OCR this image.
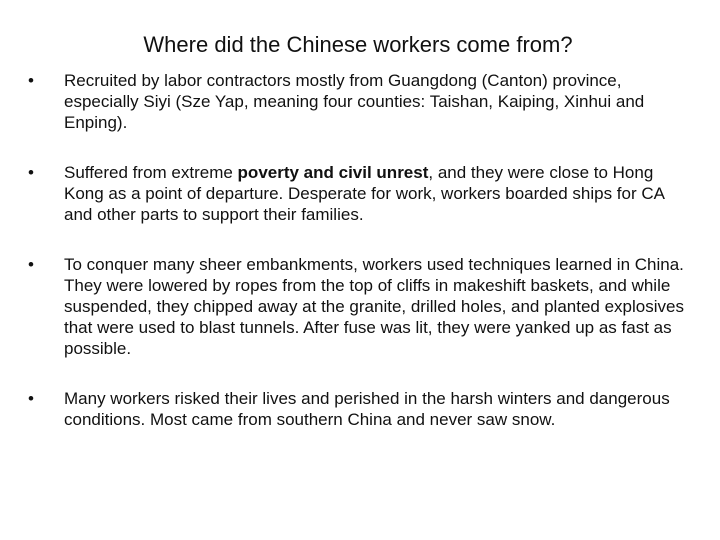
Where did the Chinese workers come from?
•	Recruited by labor contractors mostly from Guangdong (Canton) province, especially Siyi (Sze Yap, meaning four counties: Taishan, Kaiping, Xinhui and Enping).
•	Suffered from extreme poverty and civil unrest, and they were close to Hong Kong as a point of departure. Desperate for work, workers boarded ships for CA and other parts to support their families.
•	To conquer many sheer embankments, workers used techniques learned in China. They were lowered by ropes from the top of cliffs in makeshift baskets, and while suspended, they chipped away at the granite, drilled holes, and planted explosives that were used to blast tunnels. After fuse was lit, they were yanked up as fast as possible.
•	Many workers risked their lives and perished in the harsh winters and dangerous conditions. Most came from southern China and never saw snow.
